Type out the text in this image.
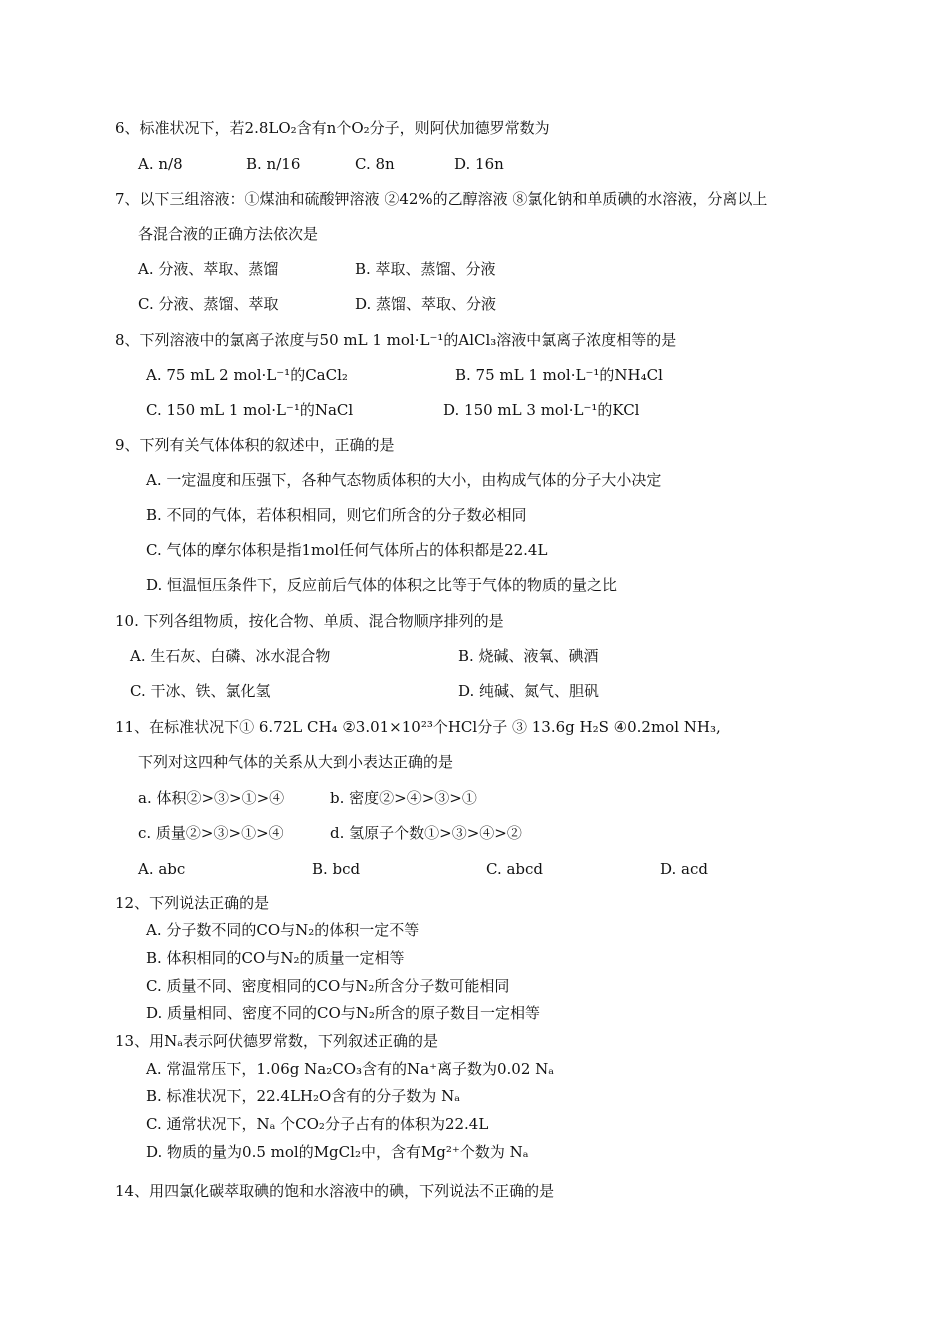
6、标准状况下，若2.8LO₂含有n个O₂分子，则阿伏加德罗常数为
A. n/8	B. n/16	C. 8n	D. 16n
7、以下三组溶液：①煤油和硫酸钾溶液 ②42%的乙醇溶液 ⑧氯化钠和单质碘的水溶液，分离以上
各混合液的正确方法依次是
A. 分液、萃取、蒸馏	B. 萃取、蒸馏、分液
C. 分液、蒸馏、萃取	D. 蒸馏、萃取、分液
8、下列溶液中的氯离子浓度与50 mL 1 mol·L⁻¹的AlCl₃溶液中氯离子浓度相等的是
A. 75 mL 2 mol·L⁻¹的CaCl₂	B. 75 mL 1 mol·L⁻¹的NH₄Cl
C. 150 mL 1 mol·L⁻¹的NaCl	D. 150 mL 3 mol·L⁻¹的KCl
9、下列有关气体体积的叙述中，正确的是
A. 一定温度和压强下，各种气态物质体积的大小，由构成气体的分子大小决定
B. 不同的气体，若体积相同，则它们所含的分子数必相同
C. 气体的摩尔体积是指1mol任何气体所占的体积都是22.4L
D. 恒温恒压条件下，反应前后气体的体积之比等于气体的物质的量之比
10. 下列各组物质，按化合物、单质、混合物顺序排列的是
A. 生石灰、白磷、冰水混合物	B. 烧碱、液氧、碘酒
C. 干冰、铁、氯化氢	D. 纯碱、氮气、胆矾
11、在标准状况下① 6.72L CH₄ ②3.01×10²³个HCl分子 ③ 13.6g H₂S ④0.2mol NH₃,
下列对这四种气体的关系从大到小表达正确的是
a. 体积②>③>①>④	b. 密度②>④>③>①
c. 质量②>③>①>④	d. 氢原子个数①>③>④>②
A. abc	B. bcd	C. abcd	D. acd
12、下列说法正确的是
A. 分子数不同的CO与N₂的体积一定不等
B. 体积相同的CO与N₂的质量一定相等
C. 质量不同、密度相同的CO与N₂所含分子数可能相同
D. 质量相同、密度不同的CO与N₂所含的原子数目一定相等
13、用Nₐ表示阿伏德罗常数，下列叙述正确的是
A. 常温常压下，1.06g Na₂CO₃含有的Na⁺离子数为0.02 Nₐ
B. 标准状况下，22.4LH₂O含有的分子数为 Nₐ
C. 通常状况下，Nₐ 个CO₂分子占有的体积为22.4L
D. 物质的量为0.5 mol的MgCl₂中，含有Mg²⁺个数为 Nₐ
14、用四氯化碳萃取碘的饱和水溶液中的碘，下列说法不正确的是
